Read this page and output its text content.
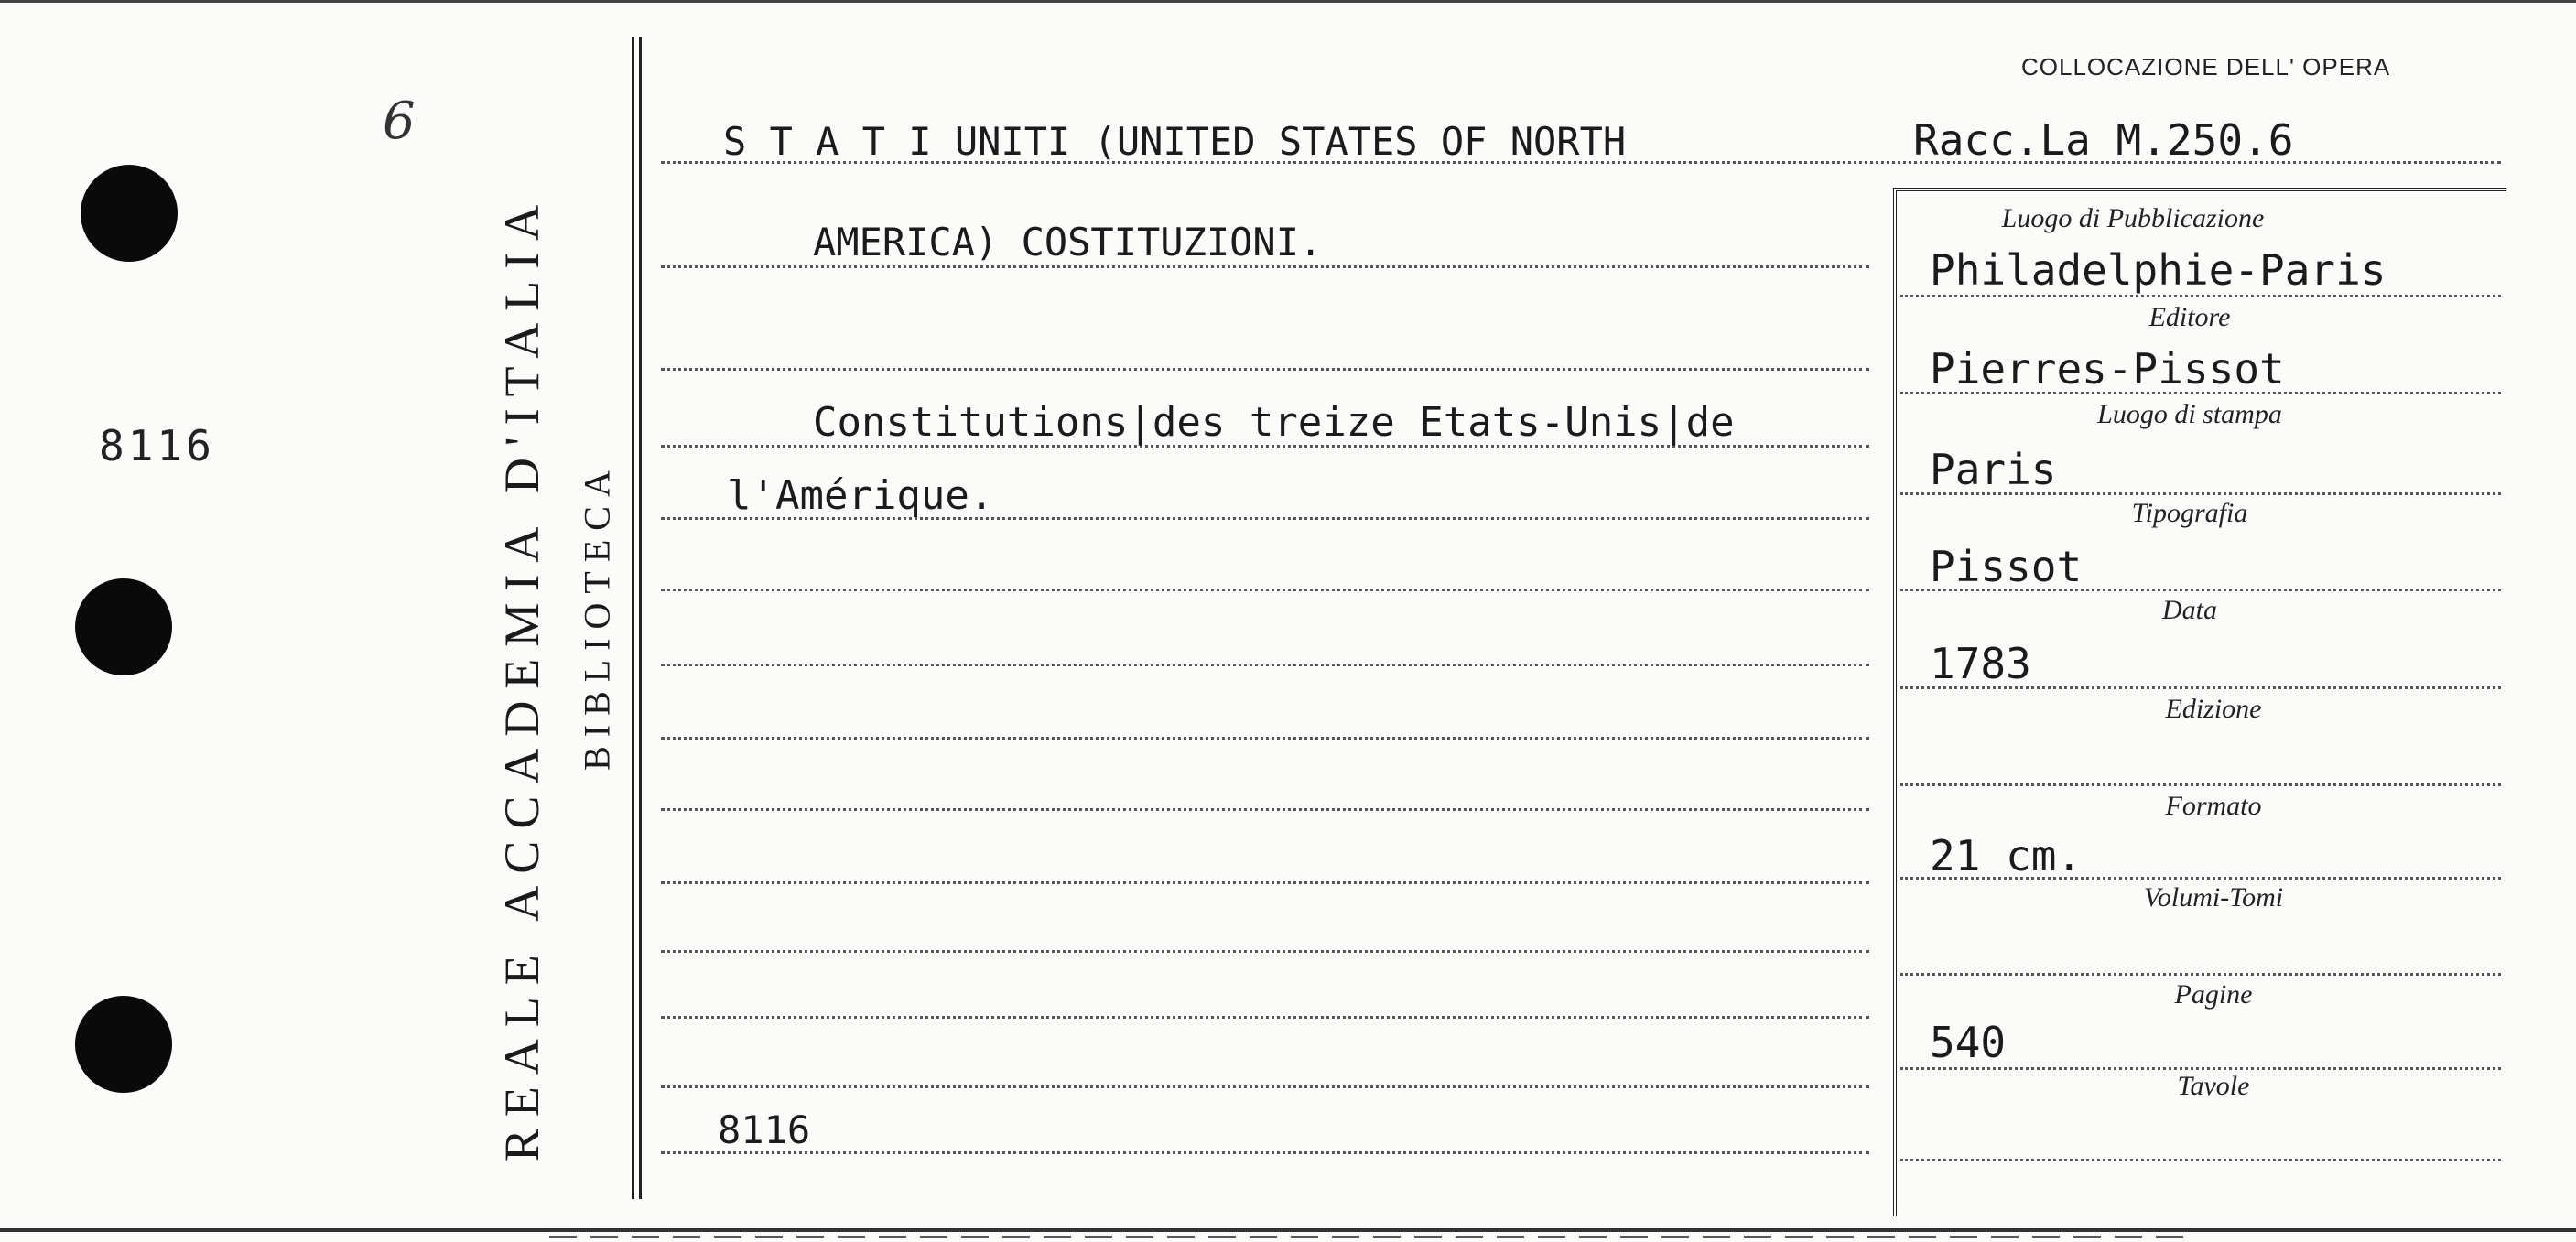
6
8116	REALE ACCADEMIA D'ITALIA BIBLIOTECA
COLLOCAZIONE DELL' OPERA
S T A T I UNITI (UNITED STATES OF NORTH	Racc.La M.250.6
AMERICA) COSTITUZIONI.
Constitutions|des treize Etats-Unis|de
l'Amérique.
8116
Luogo di Pubblicazione
Editore
Luogo di stampa
Tipografia
Data
Edizione
Formato
Volumi-Tomi
Pagine
Tavole
Philadelphie-Paris
Pierres-Pissot
Paris
Pissot
1783
21 cm.
540
